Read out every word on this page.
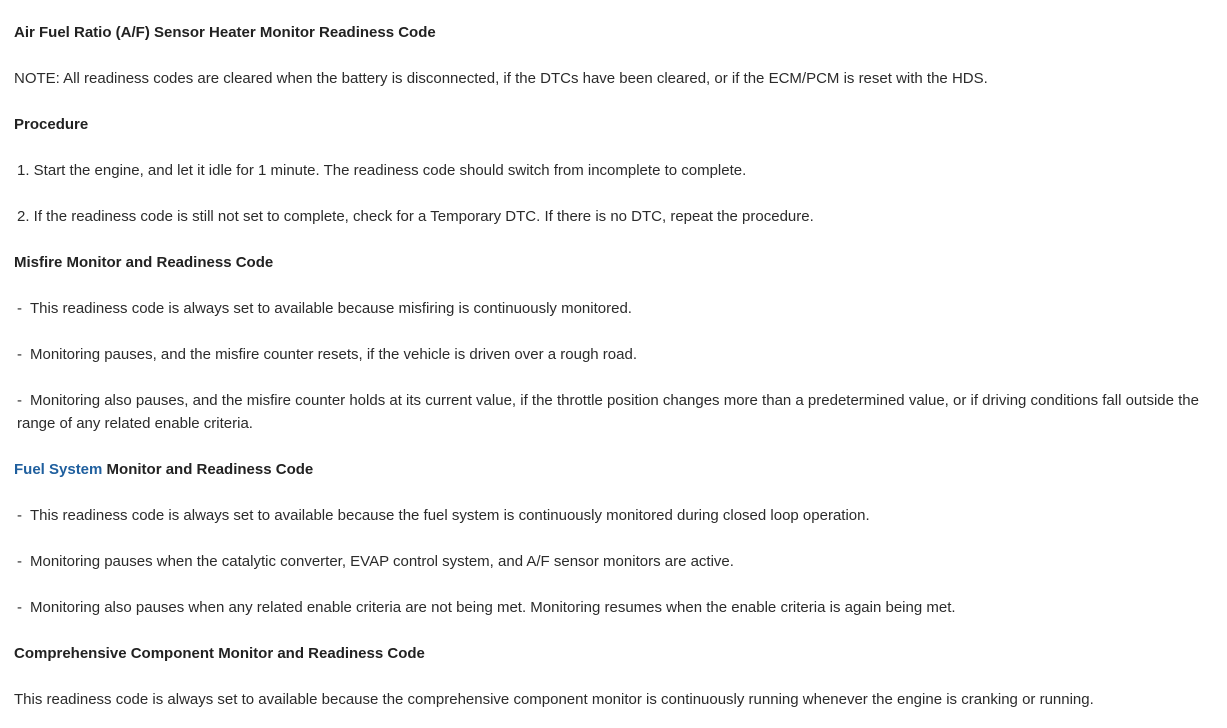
Air Fuel Ratio (A/F) Sensor Heater Monitor Readiness Code
NOTE: All readiness codes are cleared when the battery is disconnected, if the DTCs have been cleared, or if the ECM/PCM is reset with the HDS.
Procedure
1. Start the engine, and let it idle for 1 minute. The readiness code should switch from incomplete to complete.
2. If the readiness code is still not set to complete, check for a Temporary DTC. If there is no DTC, repeat the procedure.
Misfire Monitor and Readiness Code
- This readiness code is always set to available because misfiring is continuously monitored.
- Monitoring pauses, and the misfire counter resets, if the vehicle is driven over a rough road.
- Monitoring also pauses, and the misfire counter holds at its current value, if the throttle position changes more than a predetermined value, or if driving conditions fall outside the range of any related enable criteria.
Fuel System Monitor and Readiness Code
- This readiness code is always set to available because the fuel system is continuously monitored during closed loop operation.
- Monitoring pauses when the catalytic converter, EVAP control system, and A/F sensor monitors are active.
- Monitoring also pauses when any related enable criteria are not being met. Monitoring resumes when the enable criteria is again being met.
Comprehensive Component Monitor and Readiness Code
This readiness code is always set to available because the comprehensive component monitor is continuously running whenever the engine is cranking or running.
